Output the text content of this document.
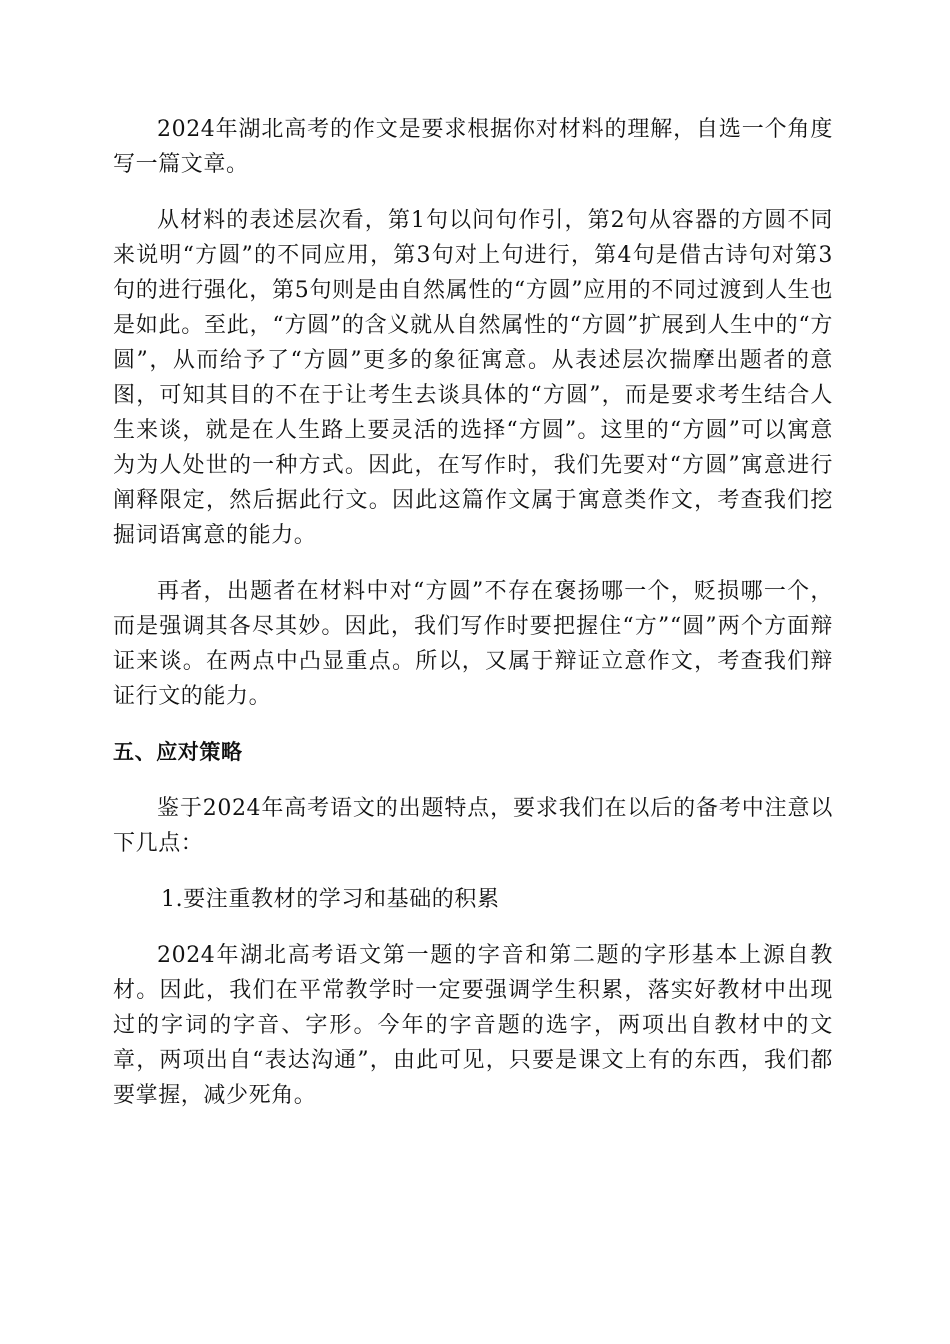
2024年湖北高考的作文是要求根据你对材料的理解，自选一个角度写一篇文章。

从材料的表述层次看，第1句以问句作引，第2句从容器的方圆不同来说明“方圆”的不同应用，第3句对上句进行，第4句是借古诗句对第3句的进行强化，第5句则是由自然属性的“方圆”应用的不同过渡到人生也是如此。至此，“方圆”的含义就从自然属性的“方圆”扩展到人生中的“方圆”，从而给予了“方圆”更多的象征寓意。从表述层次揣摩出题者的意图，可知其目的不在于让考生去谈具体的“方圆”，而是要求考生结合人生来谈，就是在人生路上要灵活的选择“方圆”。这里的“方圆”可以寓意为为人处世的一种方式。因此，在写作时，我们先要对“方圆”寓意进行阐释限定，然后据此行文。因此这篇作文属于寓意类作文，考查我们挖掘词语寓意的能力。

再者，出题者在材料中对“方圆”不存在褒扬哪一个，贬损哪一个，而是强调其各尽其妙。因此，我们写作时要把握住“方”“圆”两个方面辩证来谈。在两点中凸显重点。所以，又属于辩证立意作文，考查我们辩证行文的能力。

五、应对策略

鉴于2024年高考语文的出题特点，要求我们在以后的备考中注意以下几点：

1.要注重教材的学习和基础的积累

2024年湖北高考语文第一题的字音和第二题的字形基本上源自教材。因此，我们在平常教学时一定要强调学生积累，落实好教材中出现过的字词的字音、字形。今年的字音题的选字，两项出自教材中的文章，两项出自“表达沟通”，由此可见，只要是课文上有的东西，我们都要掌握，减少死角。
